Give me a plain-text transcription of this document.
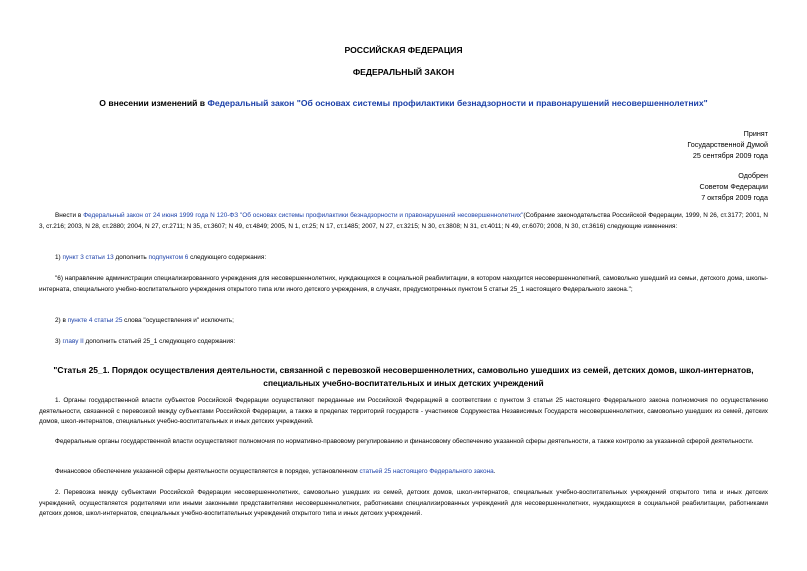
РОССИЙСКАЯ ФЕДЕРАЦИЯ
ФЕДЕРАЛЬНЫЙ ЗАКОН
О внесении изменений в Федеральный закон "Об основах системы профилактики безнадзорности и правонарушений несовершеннолетних"
Принят
Государственной Думой
25 сентября 2009 года
Одобрен
Советом Федерации
7 октября 2009 года
Внести в Федеральный закон от 24 июня 1999 года N 120-ФЗ "Об основах системы профилактики безнадзорности и правонарушений несовершеннолетних"(Собрание законодательства Российской Федерации, 1999, N 26, ст.3177; 2001, N 3, ст.216; 2003, N 28, ст.2880; 2004, N 27, ст.2711; N 35, ст.3607; N 49, ст.4849; 2005, N 1, ст.25; N 17, ст.1485; 2007, N 27, ст.3215; N 30, ст.3808; N 31, ст.4011; N 49, ст.6070; 2008, N 30, ст.3616) следующие изменения:
1) пункт 3 статьи 13 дополнить подпунктом 6 следующего содержания:
"6) направление администрации специализированного учреждения для несовершеннолетних, нуждающихся в социальной реабилитации, в котором находится несовершеннолетний, самовольно ушедший из семьи, детского дома, школы-интерната, специального учебно-воспитательного учреждения открытого типа или иного детского учреждения, в случаях, предусмотренных пунктом 5 статьи 25_1 настоящего Федерального закона.";
2) в пункте 4 статьи 25 слова "осуществления и" исключить;
3) главу II дополнить статьей 25_1 следующего содержания:
"Статья 25_1. Порядок осуществления деятельности, связанной с перевозкой несовершеннолетних, самовольно ушедших из семей, детских домов, школ-интернатов, специальных учебно-воспитательных и иных детских учреждений
1. Органы государственной власти субъектов Российской Федерации осуществляют переданные им Российской Федерацией в соответствии с пунктом 3 статьи 25 настоящего Федерального закона полномочия по осуществлению деятельности, связанной с перевозкой между субъектами Российской Федерации, а также в пределах территорий государств - участников Содружества Независимых Государств несовершеннолетних, самовольно ушедших из семей, детских домов, школ-интернатов, специальных учебно-воспитательных и иных детских учреждений.
Федеральные органы государственной власти осуществляют полномочия по нормативно-правовому регулированию и финансовому обеспечению указанной сферы деятельности, а также контролю за указанной сферой деятельности.
Финансовое обеспечение указанной сферы деятельности осуществляется в порядке, установленном статьей 25 настоящего Федерального закона.
2. Перевозка между субъектами Российской Федерации несовершеннолетних, самовольно ушедших из семей, детских домов, школ-интернатов, специальных учебно-воспитательных учреждений открытого типа и иных детских учреждений, осуществляется родителями или иными законными представителями несовершеннолетних, работниками специализированных учреждений для несовершеннолетних, нуждающихся в социальной реабилитации, работниками детских домов, школ-интернатов, специальных учебно-воспитательных учреждений открытого типа и иных детских учреждений.
